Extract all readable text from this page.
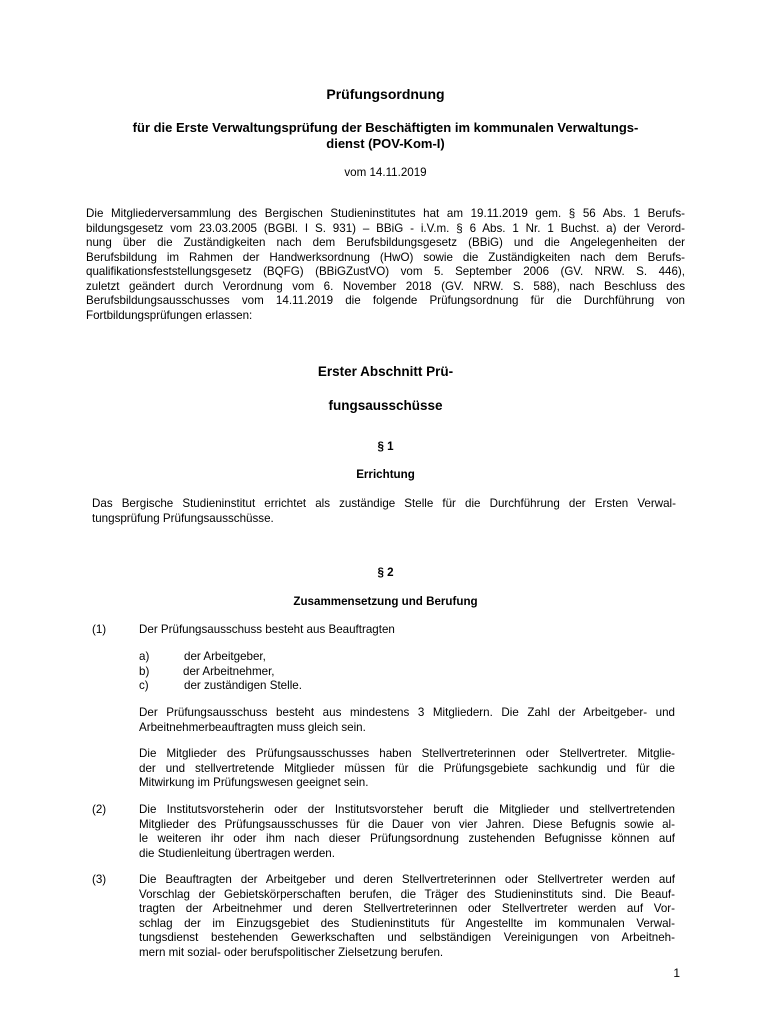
Prüfungsordnung
für die Erste Verwaltungsprüfung der Beschäftigten im kommunalen Verwaltungs-
dienst (POV-Kom-I)
vom 14.11.2019
Die Mitgliederversammlung des Bergischen Studieninstitutes hat am 19.11.2019 gem. § 56 Abs. 1 Berufs-
bildungsgesetz vom 23.03.2005 (BGBl. I S. 931) – BBiG - i.V.m. § 6 Abs. 1 Nr. 1 Buchst. a) der Verord-
nung über die Zuständigkeiten nach dem Berufsbildungsgesetz (BBiG) und die Angelegenheiten der
Berufsbildung im Rahmen der Handwerksordnung (HwO) sowie die Zuständigkeiten nach dem Berufs-
qualifikationsfeststellungsgesetz (BQFG) (BBiGZustVO) vom 5. September 2006 (GV. NRW. S. 446),
zuletzt geändert durch Verordnung vom 6. November 2018 (GV. NRW. S. 588), nach Beschluss des
Berufsbildungsausschusses vom 14.11.2019 die folgende Prüfungsordnung für die Durchführung von
Fortbildungsprüfungen erlassen:
Erster Abschnitt Prü-
fungsausschüsse
§ 1
Errichtung
Das Bergische Studieninstitut errichtet als zuständige Stelle für die Durchführung der Ersten Verwal-
tungsprüfung Prüfungsausschüsse.
§ 2
Zusammensetzung und Berufung
(1)	Der Prüfungsausschuss besteht aus Beauftragten
a)	der Arbeitgeber,
b)	der Arbeitnehmer,
c)	der zuständigen Stelle.
Der Prüfungsausschuss besteht aus mindestens 3 Mitgliedern. Die Zahl der Arbeitgeber- und
Arbeitnehmerbeauftragten muss gleich sein.
Die Mitglieder des Prüfungsausschusses haben Stellvertreterinnen oder Stellvertreter. Mitglie-
der und stellvertretende Mitglieder müssen für die Prüfungsgebiete sachkundig und für die
Mitwirkung im Prüfungswesen geeignet sein.
(2)	Die Institutsvorsteherin oder der Institutsvorsteher beruft die Mitglieder und stellvertretenden
Mitglieder des Prüfungsausschusses für die Dauer von vier Jahren. Diese Befugnis sowie al-
le weiteren ihr oder ihm nach dieser Prüfungsordnung zustehenden Befugnisse können auf
die Studienleitung übertragen werden.
(3)	Die Beauftragten der Arbeitgeber und deren Stellvertreterinnen oder Stellvertreter werden auf
Vorschlag der Gebietskörperschaften berufen, die Träger des Studieninstituts sind. Die Beauf-
tragten der Arbeitnehmer und deren Stellvertreterinnen oder Stellvertreter werden auf Vor-
schlag der im Einzugsgebiet des Studieninstituts für Angestellte im kommunalen Verwal-
tungsdienst bestehenden Gewerkschaften und selbständigen Vereinigungen von Arbeitneh-
mern mit sozial- oder berufspolitischer Zielsetzung berufen.
1
